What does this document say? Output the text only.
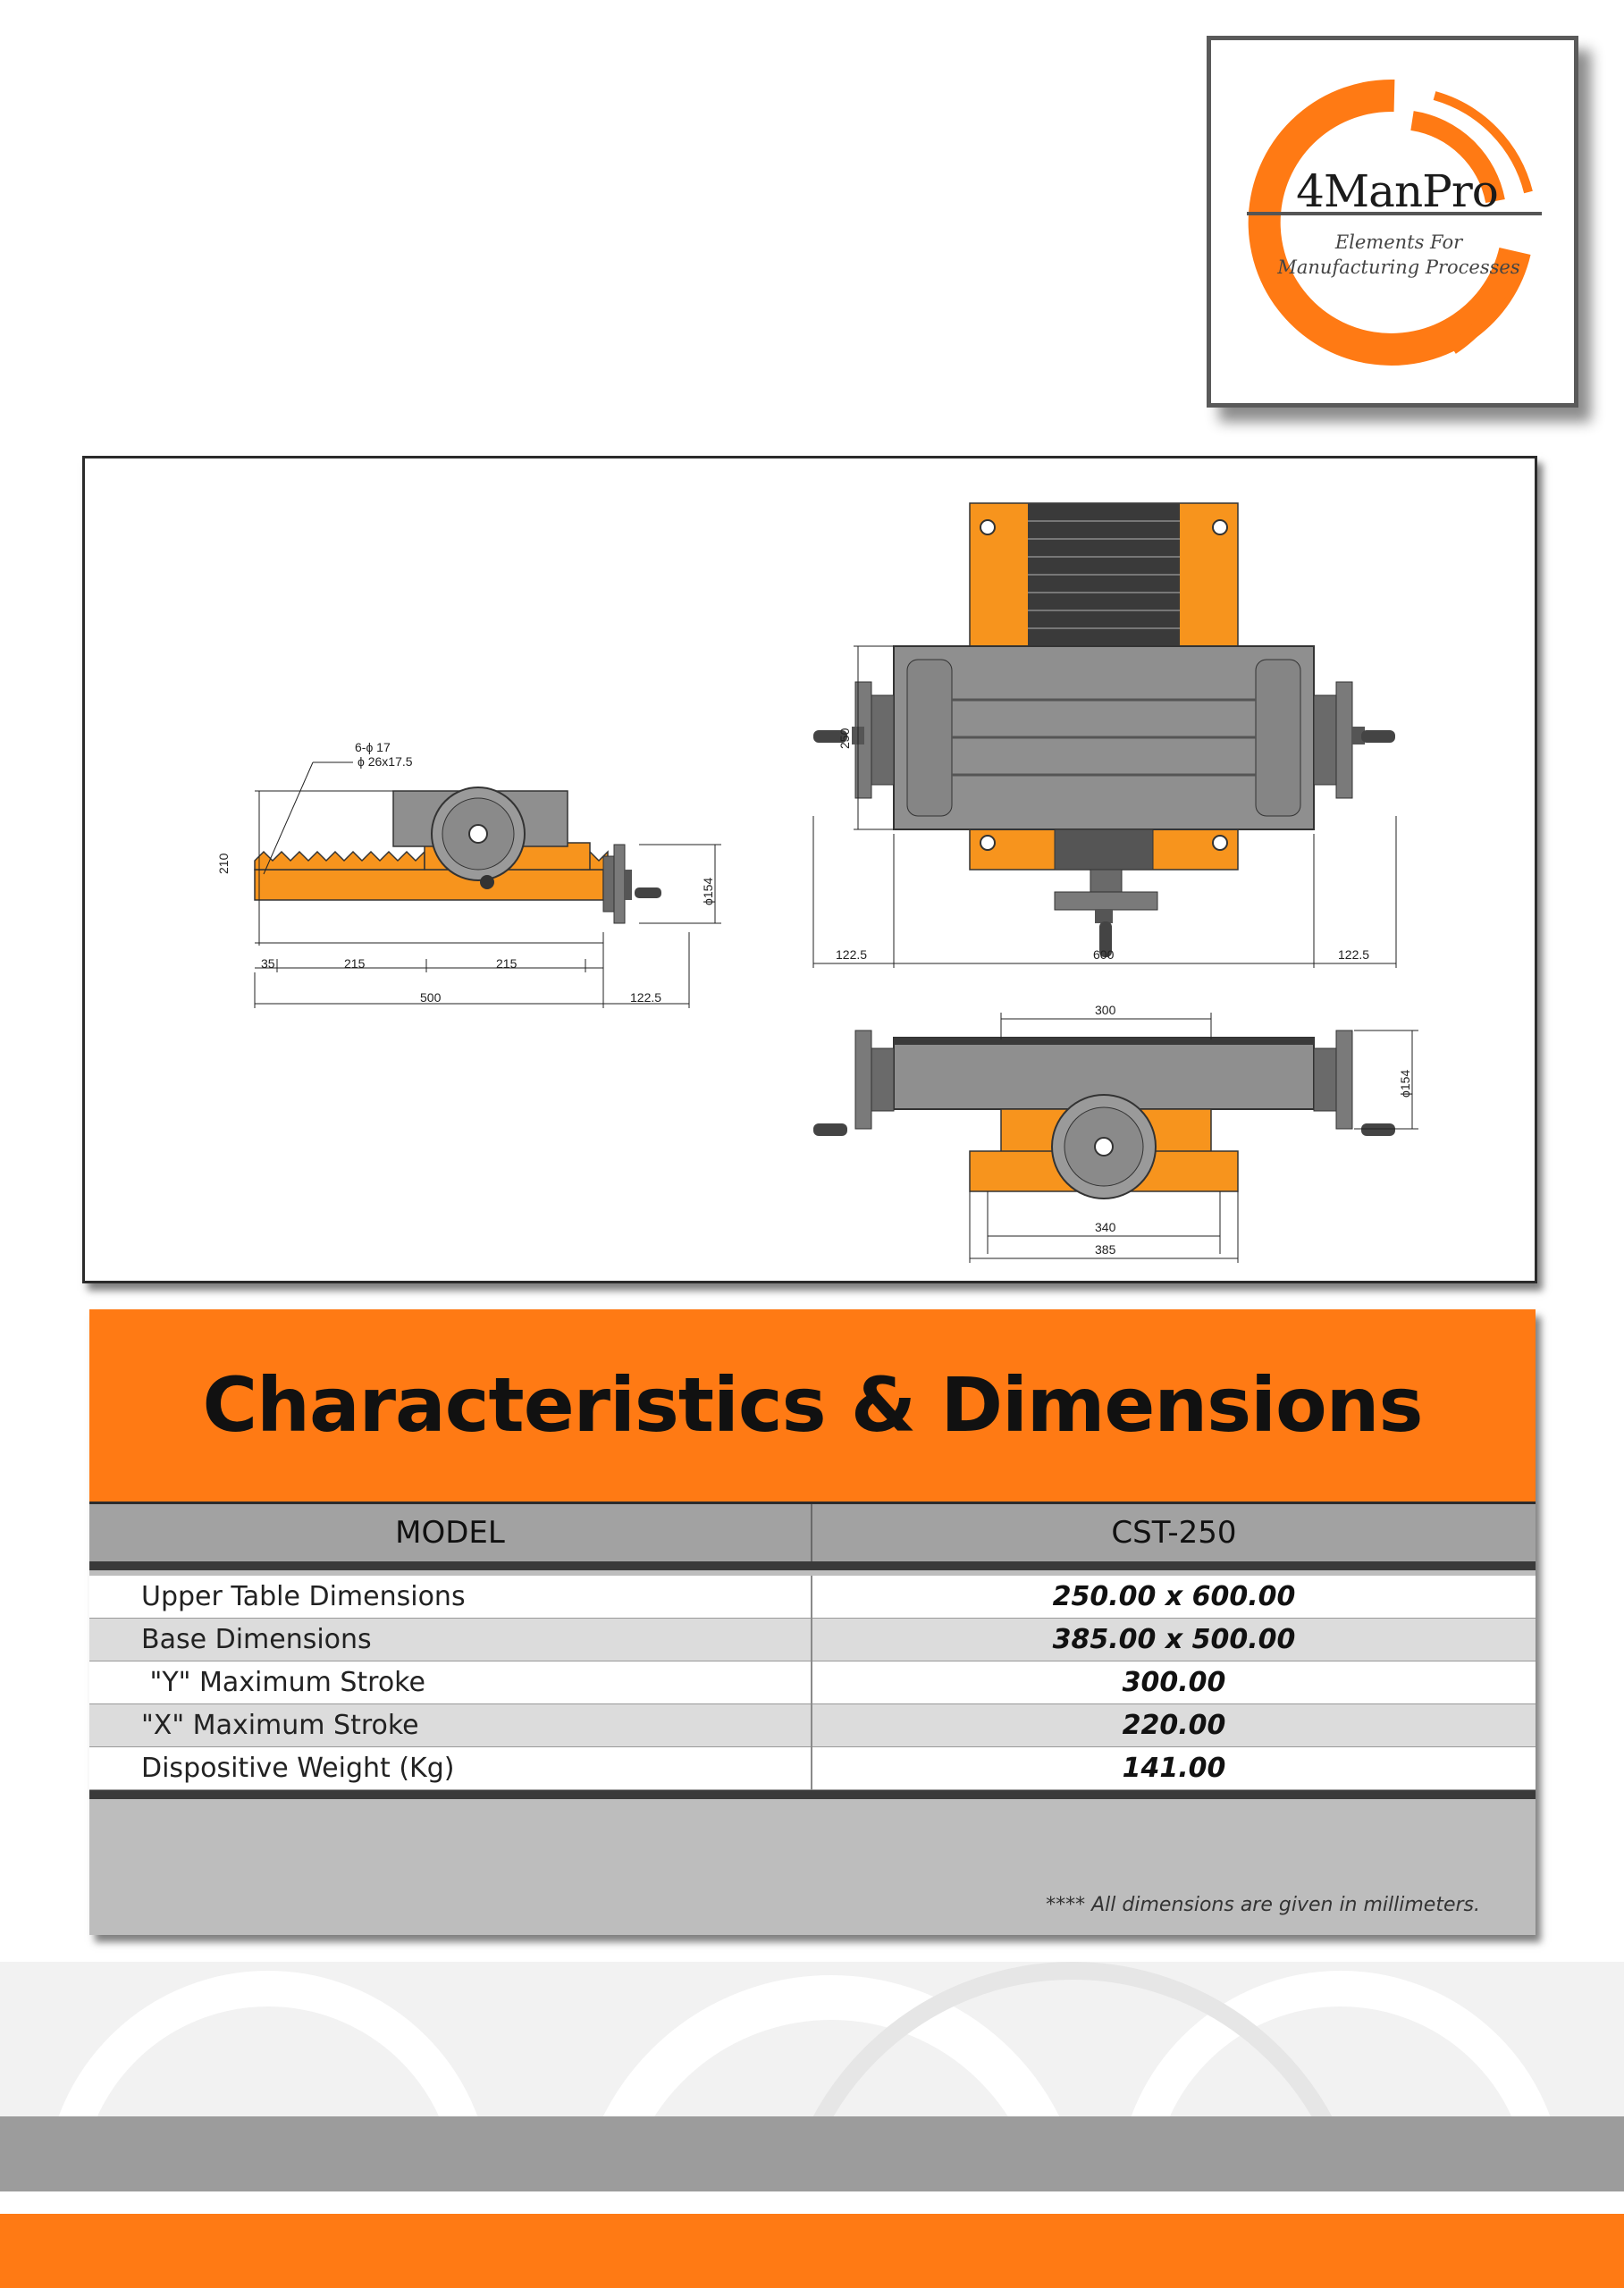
4ManPro
Elements For
Manufacturing Processes
6-ϕ 17
ϕ 26x17.5
210
35	215	215
500	122.5
ϕ154
250
122.5	600	122.5
300
340
385
ϕ154
Characteristics & Dimensions
MODEL	CST-250
Upper Table Dimensions	250.00 x 600.00
Base Dimensions	385.00 x 500.00
"Y" Maximum Stroke	300.00
"X" Maximum Stroke	220.00
Dispositive Weight (Kg)	141.00
**** All dimensions are given in millimeters.
